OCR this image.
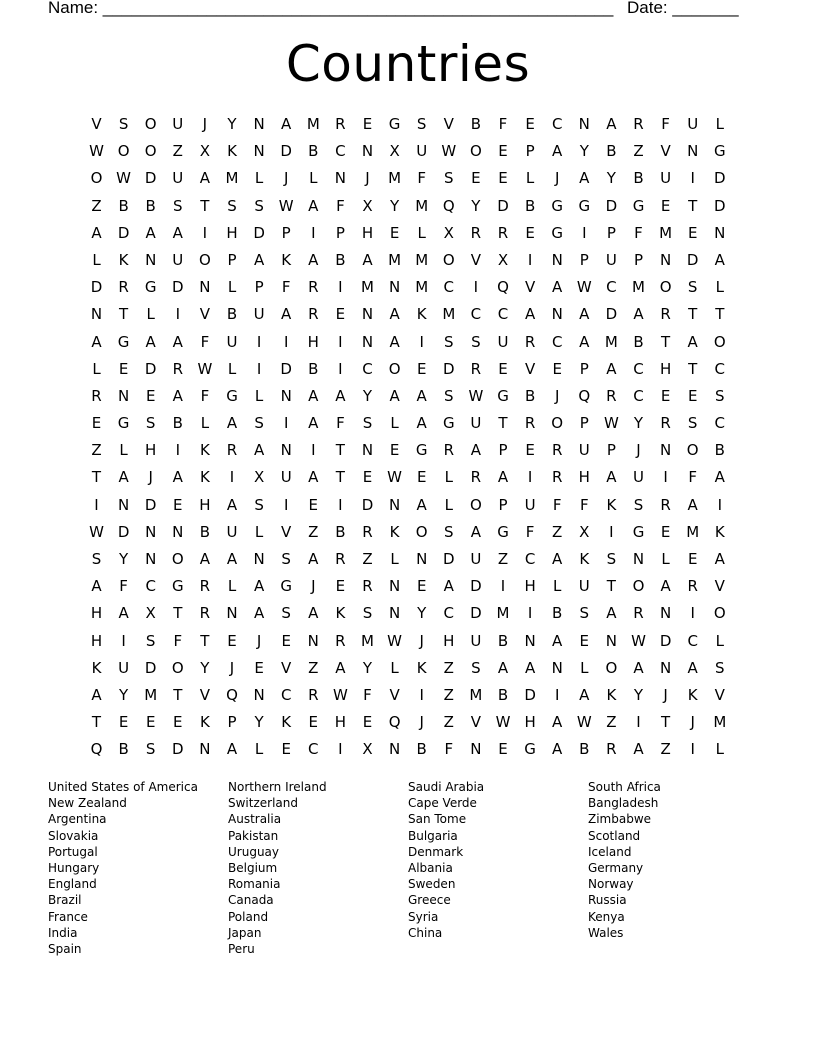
Name: ______________________________________________________ Date: _______
Countries
V	S	O	U	J	Y	N	A	M	R	E	G	S	V	B	F	E	C	N	A	R	F	U	L
W O	O	Z	X	K	N	D	B	C	N	X	U W O	E	P	A	Y	B	Z	V	N	G
O W D	U	A	M	L	J	L	N	J	M	F	S	E	E	L	J	A	Y	B	U	I	D
Z	B	B	S	T	S	S W A	F	X	Y	M Q	Y	D	B	G	G	D	G	E	T	D
A	D	A	A	I	H	D	P	I	P	H	E	L	X	R	R	E	G	I	P	F	M	E	N
L	K	N	U	O	P	A	K	A	B	A	M M O	V	X	I	N	P	U	P	N	D	A
D	R	G	D	N	L	P	F	R	I	M	N	M	C	I	Q	V	A W C	M O	S	L
N	T	L	I	V	B	U	A	R	E	N	A	K	M	C	C	A	N	A	D	A	R	T	T
A	G	A	A	F	U	I	I	H	I	N	A	I	S	S	U	R	C	A	M	B	T	A	O
L	E	D	R W	L	I	D	B	I	C	O	E	D	R	E	V	E	P	A	C	H	T	C
R	N	E	A	F	G	L	N	A	A	Y	A	A	S W G	B	J	Q	R	C	E	E	S
E	G	S	B	L	A	S	I	A	F	S	L	A	G	U	T	R	O	P	W	Y	R	S	C
Z	L	H	I	K	R	A	N	I	T	N	E	G	R	A	P	E	R	U	P	J	N	O	B
T	A	J	A	K	I	X	U	A	T	E W E	L	R	A	I	R	H	A	U	I	F	A
I	N	D	E	H	A	S	I	E	I	D	N	A	L	O	P	U	F	F	K	S	R	A	I
W D	N	N	B	U	L	V	Z	B	R	K	O	S	A	G	F	Z	X	I	G	E	M	K
S	Y	N	O	A	A	N	S	A	R	Z	L	N	D	U	Z	C	A	K	S	N	L	E	A
A	F	C	G	R	L	A	G	J	E	R	N	E	A	D	I	H	L	U	T	O	A	R	V
H	A	X	T	R	N	A	S	A	K	S	N	Y	C	D M	I	B	S	A	R	N	I	O
H	I	S	F	T	E	J	E	N	R	M W	J	H	U	B	N	A	E	N W D	C	L
K	U	D	O	Y	J	E	V	Z	A	Y	L	K	Z	S	A	A	N	L	O	A	N	A	S
A	Y	M	T	V	Q	N	C	R W	F	V	I	Z	M	B	D	I	A	K	Y	J	K	V
T	E	E	E	K	P	Y	K	E	H	E	Q	J	Z	V W H	A W Z	I	T	J	M
Q	B	S	D	N	A	L	E	C	I	X	N	B	F	N	E	G	A	B	R	A	Z	I	L
United States of America
New Zealand
Argentina
Slovakia
Portugal
Hungary
England
Brazil
France
India
Spain
Northern Ireland
Switzerland
Australia
Pakistan
Uruguay
Belgium
Romania
Canada
Poland
Japan
Peru
Saudi Arabia
Cape Verde
San Tome
Bulgaria
Denmark
Albania
Sweden
Greece
Syria
China
South Africa
Bangladesh
Zimbabwe
Scotland
Iceland
Germany
Norway
Russia
Kenya
Wales
